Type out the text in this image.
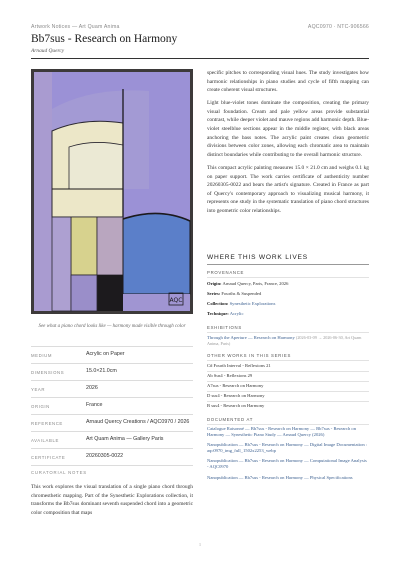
Artwork Notices — Art Quam Anima	AQC0970 · NTC-906566
Bb7sus - Research on Harmony
Arnaud Quercy
AQC
See what a piano chord looks like — harmony made visible through color
MEDIUM	Acrylic on Paper
DIMENSIONS	15.0×21.0cm
YEAR	2026
ORIGIN	France
REFERENCE	Arnaud Quercy Creations / AQC0970 / 2026
AVAILABLE	Art Quam Anima — Gallery Paris
CERTIFICATE	20260305-0022
CURATORIAL NOTES
This work explores the visual translation of a single piano chord through chromesthetic mapping. Part of the Synesthetic Explorations collection, it transforms the Bb7sus dominant seventh suspended chord into a geometric color composition that maps

specific pitches to corresponding visual hues. The study investigates how harmonic relationships in piano studies and cycle of fifth mapping can create coherent visual structures.

Light blue-violet tones dominate the composition, creating the primary visual foundation. Cream and pale yellow areas provide substantial contrast, while deeper violet and mauve regions add harmonic depth. Blue-violet steelblue sections appear in the middle register, with black areas anchoring the bass notes. The acrylic paint creates clean geometric divisions between color zones, allowing each chromatic area to maintain distinct boundaries while contributing to the overall harmonic structure.

This compact acrylic painting measures 15.0 × 21.0 cm and weighs 0.1 kg on paper support. The work carries certificate of authenticity number 20260305-0022 and bears the artist's signature. Created in France as part of Quercy's contemporary approach to visualizing musical harmony, it represents one study in the systematic translation of piano chord structures into geometric color relationships.

WHERE THIS WORK LIVES
PROVENANCE
Origin: Arnaud Quercy, Paris, France, 2026
Series: Fourths & Suspended
Collection: Synesthetic Explorations
Technique: Acrylic
EXHIBITIONS
Through the Aperture — Research on Harmony (2026-03-09 → 2026-06-30, Art Quam Anima, Paris)
OTHER WORKS IN THIS SERIES
C# Fourth Interval - Reflexions 21
Ab Sus4 - Reflexions 29
A7sus - Research on Harmony
D sus4 - Research on Harmony
B sus4 - Research on Harmony
DOCUMENTED AT
Catalogue Raisonné — Bb7sus - Research on Harmony — Bb7sus - Research on Harmony — Synesthetic Piano Study — Arnaud Quercy (2026)
Nanopublication — Bb7sus - Research on Harmony — Digital Image Documentation : aqc0970_img_full_1502x2253_webp
Nanopublication — Bb7sus - Research on Harmony — Computational Image Analysis - AQC0970
Nanopublication — Bb7sus - Research on Harmony — Physical Specifications
1
